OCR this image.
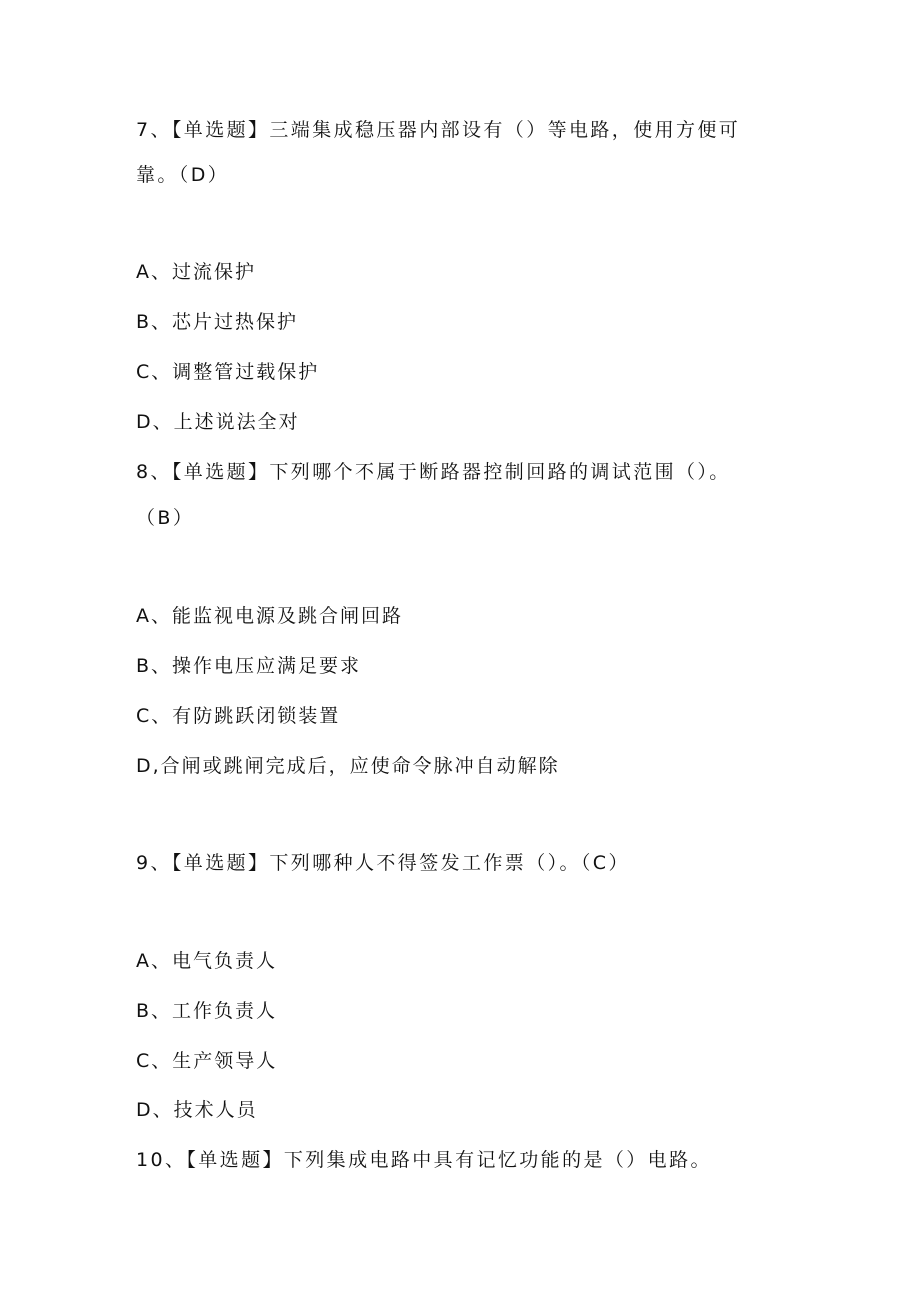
7、【单选题】三端集成稳压器内部设有（）等电路，使用方便可
靠。（D）
A、过流保护
B、芯片过热保护
C、调整管过载保护
D、上述说法全对
8、【单选题】下列哪个不属于断路器控制回路的调试范围（）。
（B）
A、能监视电源及跳合闸回路
B、操作电压应满足要求
C、有防跳跃闭锁装置
D,合闸或跳闸完成后，应使命令脉冲自动解除
9、【单选题】下列哪种人不得签发工作票（）。（C）
A、电气负责人
B、工作负责人
C、生产领导人
D、技术人员
10、【单选题】下列集成电路中具有记忆功能的是（）电路。
